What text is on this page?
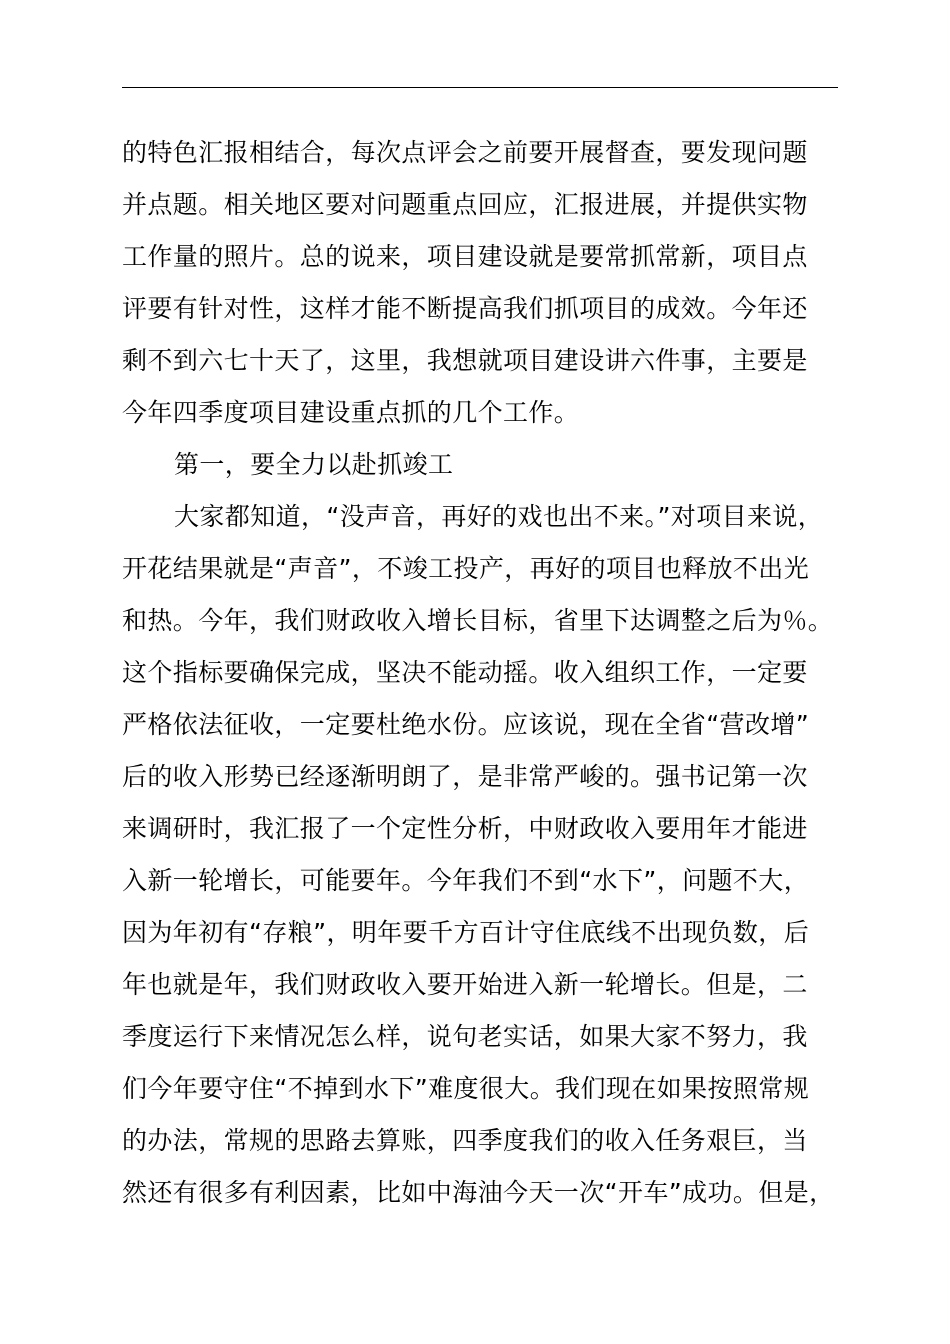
的特色汇报相结合，每次点评会之前要开展督查，要发现问题
并点题。相关地区要对问题重点回应，汇报进展，并提供实物
工作量的照片。总的说来，项目建设就是要常抓常新，项目点
评要有针对性，这样才能不断提高我们抓项目的成效。今年还
剩不到六七十天了，这里，我想就项目建设讲六件事，主要是
今年四季度项目建设重点抓的几个工作。
第一，要全力以赴抓竣工
大家都知道，“没声音，再好的戏也出不来。”对项目来说，
开花结果就是“声音”，不竣工投产，再好的项目也释放不出光
和热。今年，我们财政收入增长目标，省里下达调整之后为％。
这个指标要确保完成，坚决不能动摇。收入组织工作，一定要
严格依法征收，一定要杜绝水份。应该说，现在全省“营改增”
后的收入形势已经逐渐明朗了，是非常严峻的。强书记第一次
来调研时，我汇报了一个定性分析，中财政收入要用年才能进
入新一轮增长，可能要年。今年我们不到“水下”，问题不大，
因为年初有“存粮”，明年要千方百计守住底线不出现负数，后
年也就是年，我们财政收入要开始进入新一轮增长。但是，二
季度运行下来情况怎么样，说句老实话，如果大家不努力，我
们今年要守住“不掉到水下”难度很大。我们现在如果按照常规
的办法，常规的思路去算账，四季度我们的收入任务艰巨，当
然还有很多有利因素，比如中海油今天一次“开车”成功。但是，
